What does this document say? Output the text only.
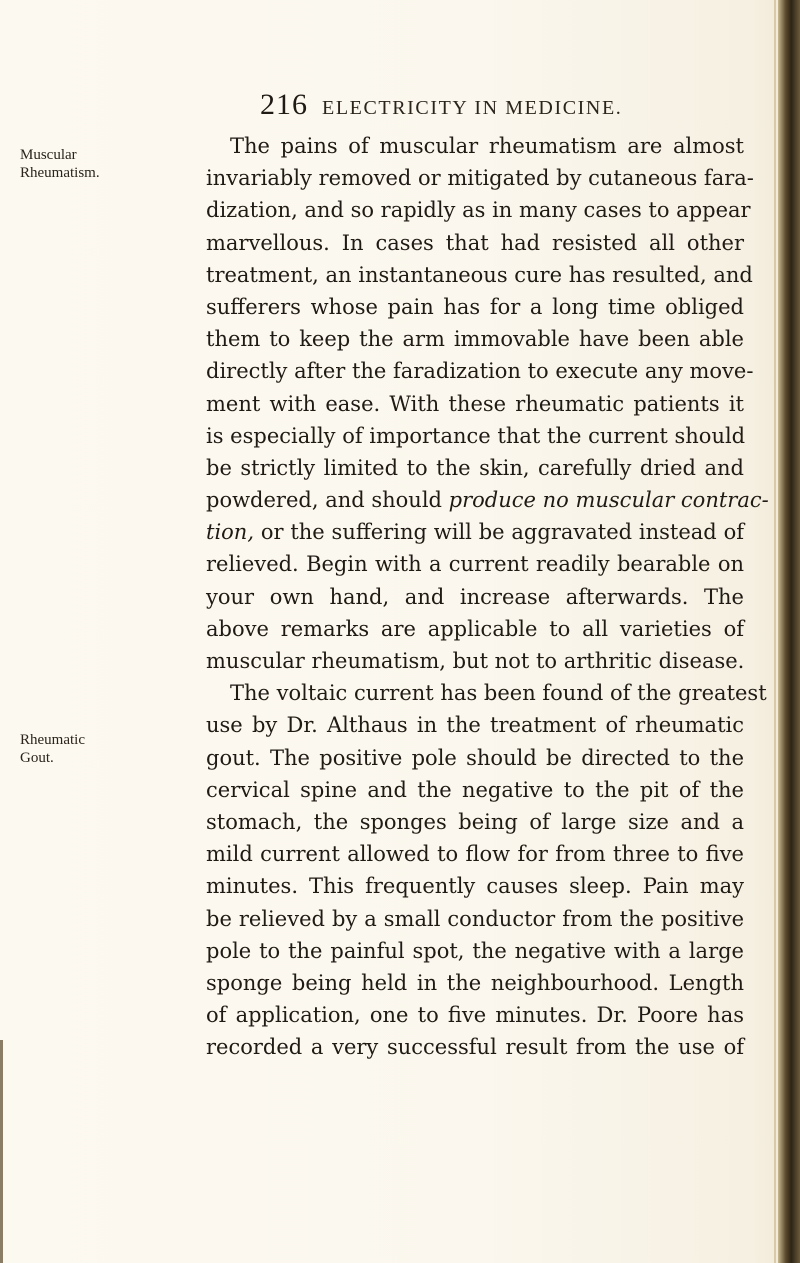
216 ELECTRICITY IN MEDICINE.
Muscular
Rheumatism.
Rheumatic
Gout.
The pains of muscular rheumatism are almost
invariably removed or mitigated by cutaneous fara-
dization, and so rapidly as in many cases to appear
marvellous. In cases that had resisted all other
treatment, an instantaneous cure has resulted, and
sufferers whose pain has for a long time obliged
them to keep the arm immovable have been able
directly after the faradization to execute any move-
ment with ease. With these rheumatic patients it
is especially of importance that the current should
be strictly limited to the skin, carefully dried and
powdered, and should produce no muscular contrac-
tion, or the suffering will be aggravated instead of
relieved. Begin with a current readily bearable on
your own hand, and increase afterwards. The
above remarks are applicable to all varieties of
muscular rheumatism, but not to arthritic disease.
The voltaic current has been found of the greatest
use by Dr. Althaus in the treatment of rheumatic
gout. The positive pole should be directed to the
cervical spine and the negative to the pit of the
stomach, the sponges being of large size and a
mild current allowed to flow for from three to five
minutes. This frequently causes sleep. Pain may
be relieved by a small conductor from the positive
pole to the painful spot, the negative with a large
sponge being held in the neighbourhood. Length
of application, one to five minutes. Dr. Poore has
recorded a very successful result from the use of
